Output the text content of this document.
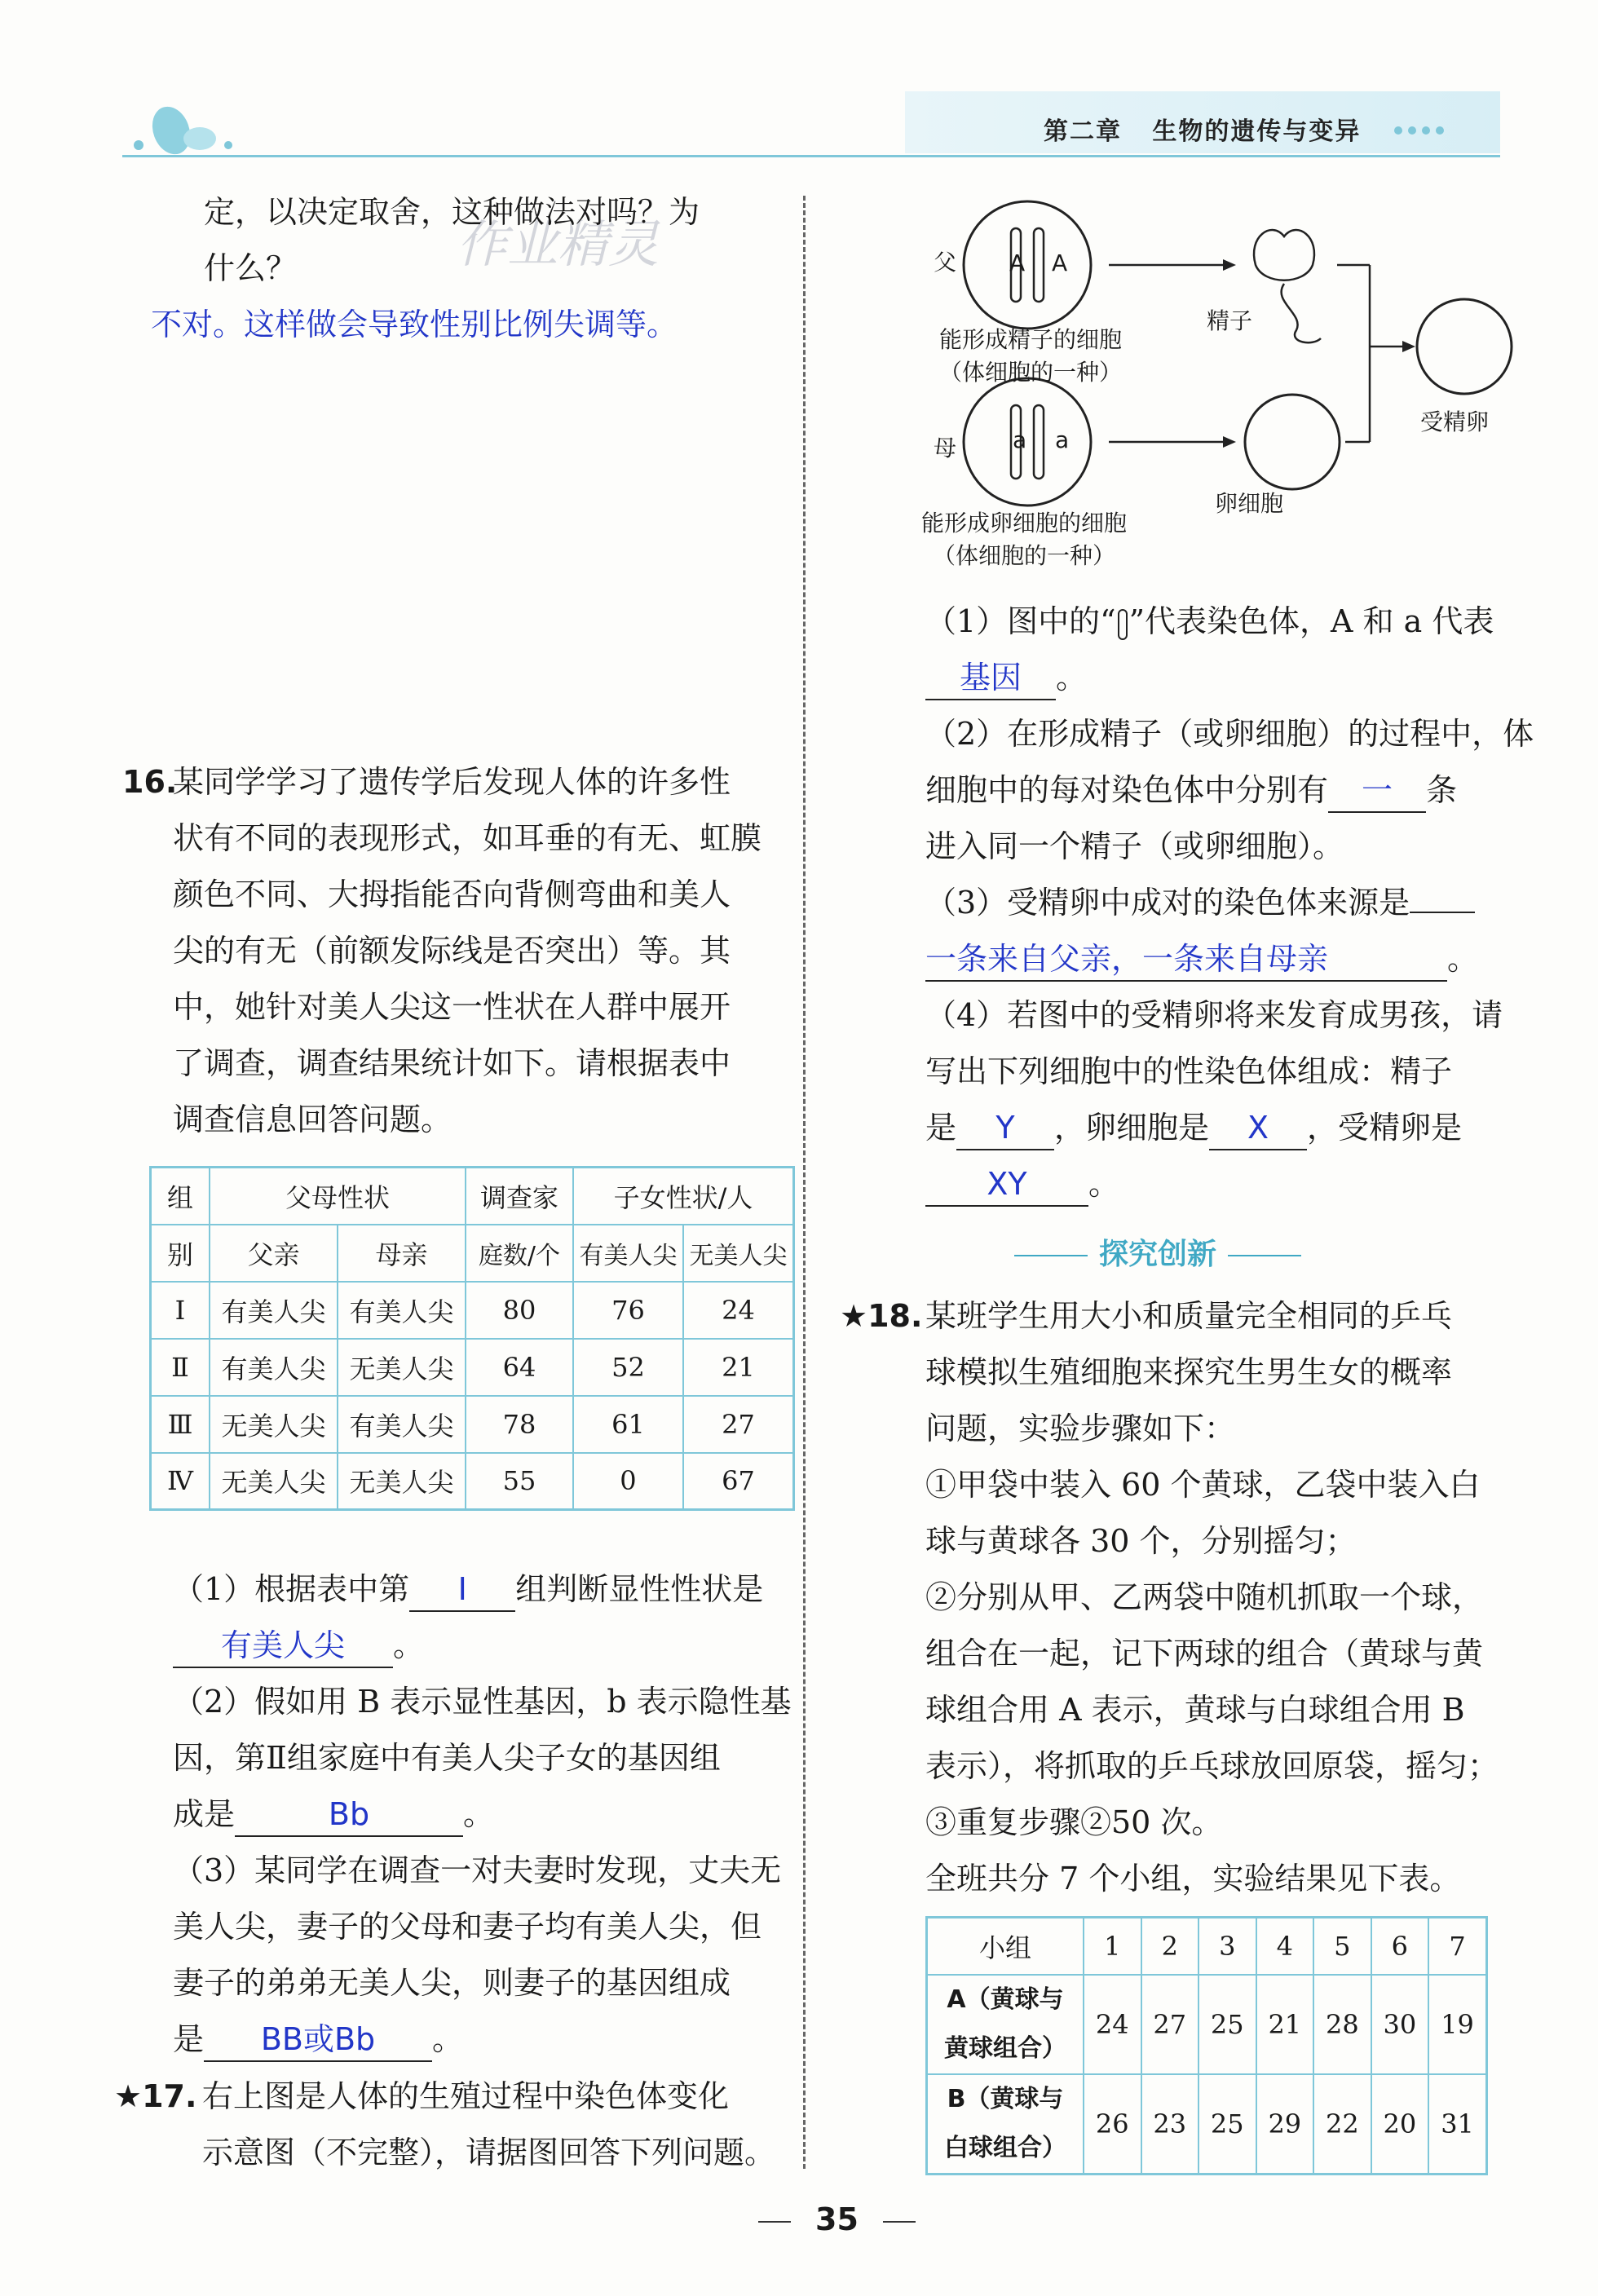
第二章 生物的遗传与变异
作业精灵
定，以决定取舍，这种做法对吗？为
什么？
不对。这样做会导致性别比例失调等。
16.
某同学学习了遗传学后发现人体的许多性
状有不同的表现形式，如耳垂的有无、虹膜
颜色不同、大拇指能否向背侧弯曲和美人
尖的有无（前额发际线是否突出）等。其
中，她针对美人尖这一性状在人群中展开
了调查，调查结果统计如下。请根据表中
调查信息回答问题。
组	父母性状		调查家	子女性状/人	
别	父亲	母亲	庭数/个	有美人尖	无美人尖
Ⅰ	有美人尖	有美人尖	80	76	24
Ⅱ	有美人尖	无美人尖	64	52	21
Ⅲ	无美人尖	有美人尖	78	61	27
Ⅳ	无美人尖	无美人尖	55	0	67
（1）根据表中第 Ⅰ 组判断显性性状是
有美人尖 。
（2）假如用 B 表示显性基因，b 表示隐性基
因，第Ⅱ组家庭中有美人尖子女的基因组
成是	Bb	。
（3）某同学在调查一对夫妻时发现，丈夫无
美人尖，妻子的父母和妻子均有美人尖，但
妻子的弟弟无美人尖，则妻子的基因组成
是 BB或Bb 。
★17. 右上图是人体的生殖过程中染色体变化
示意图（不完整），请据图回答下列问题。
父
母
A A
a a
能形成精子的细胞
（体细胞的一种）
能形成卵细胞的细胞
（体细胞的一种）
精子
卵细胞
受精卵
（1）图中的“ ”代表染色体，A 和 a 代表
基因 。
（2）在形成精子（或卵细胞）的过程中，体
细胞中的每对染色体中分别有 一 条
进入同一个精子（或卵细胞）。
（3）受精卵中成对的染色体来源是
一条来自父亲，一条来自母亲	。
（4）若图中的受精卵将来发育成男孩，请
写出下列细胞中的性染色体组成：精子
是 Y ，卵细胞是 X ，受精卵是
XY 。
探究创新
★18. 某班学生用大小和质量完全相同的乒乓
球模拟生殖细胞来探究生男生女的概率
问题，实验步骤如下：
①甲袋中装入 60 个黄球，乙袋中装入白
球与黄球各 30 个，分别摇匀；
②分别从甲、乙两袋中随机抓取一个球，
组合在一起，记下两球的组合（黄球与黄
球组合用 A 表示，黄球与白球组合用 B
表示），将抓取的乒乓球放回原袋，摇匀；
③重复步骤②50 次。
全班共分 7 个小组，实验结果见下表。
小组	1	2	3	4	5	6	7

A（黄球与
黄球组合）	24	27	25	21	28	30	19

B（黄球与
白球组合）	26	23	25	29	22	20	31
35
